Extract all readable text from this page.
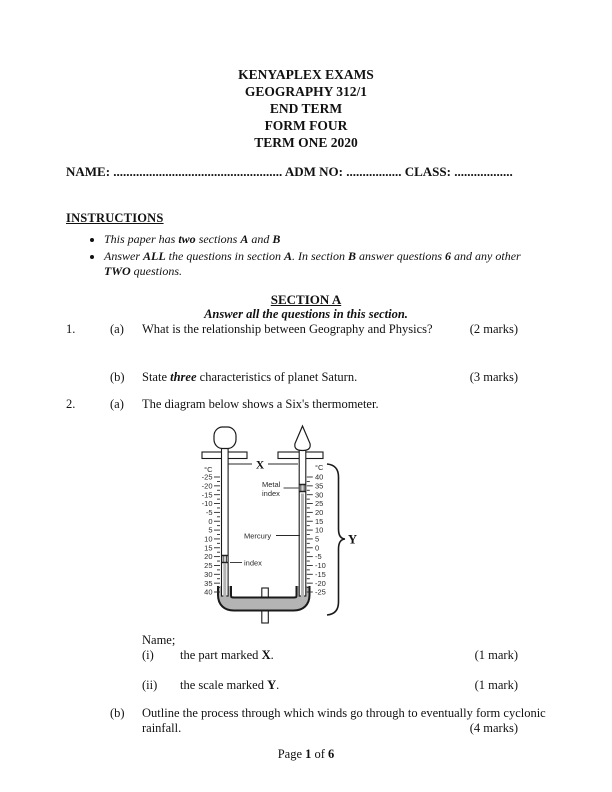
KENYAPLEX EXAMS
GEOGRAPHY 312/1
END TERM
FORM FOUR
TERM ONE 2020
NAME: .................................................... ADM NO: ................. CLASS: ..................
INSTRUCTIONS
• This paper has two sections A and B
• Answer ALL the questions in section A. In section B answer questions 6 and any other TWO questions.
SECTION A
Answer all the questions in this section.
1.	(a) What is the relationship between Geography and Physics?	(2 marks)
(b) State three characteristics of planet Saturn.	(3 marks)
2.	(a) The diagram below shows a Six's thermometer.
-25
-20
-15
-10
-5
0
5
10
15
20
25
30
35
40
40
35
30
25
20
15
10
5
0
-5
-10
-15
-20
-25
°C	°C
X
Metal
index
Mercury
index
Y
Name;
(i) the part marked X.	(1 mark)
(ii) the scale marked Y.	(1 mark)
(b) Outline the process through which winds go through to eventually form cyclonic rainfall.	(4 marks)
Page 1 of 6
